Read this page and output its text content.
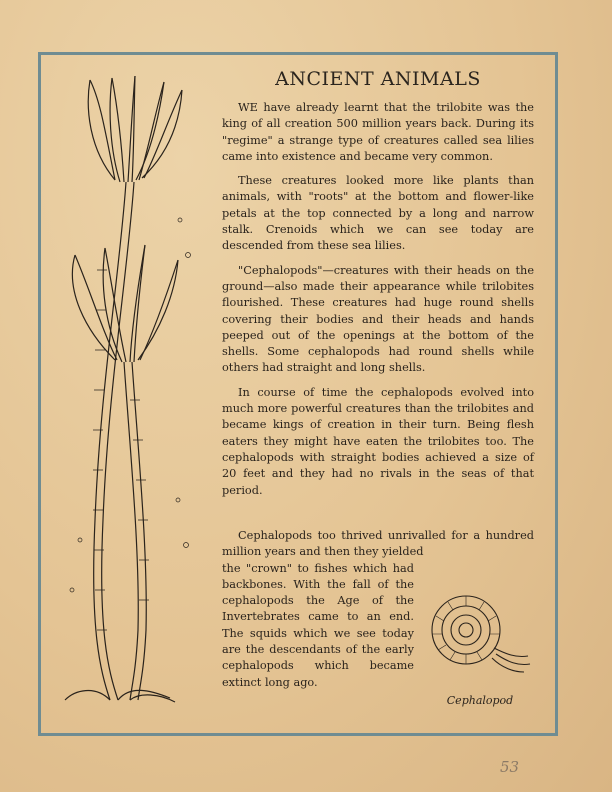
ANCIENT ANIMALS

WE have already learnt that the trilobite was the king of all creation 500 million years back. During its "regime" a strange type of creatures called sea lilies came into existence and became very common.

These creatures looked more like plants than animals, with "roots" at the bottom and flower-like petals at the top connected by a long and narrow stalk. Crenoids which we can see today are descended from these sea lilies.

"Cephalopods"—creatures with their heads on the ground—also made their appearance while trilobites flourished. These creatures had huge round shells covering their bodies and their heads and hands peeped out of the openings at the bottom of the shells. Some cephalopods had round shells while others had straight and long shells.

In course of time the cephalopods evolved into much more powerful creatures than the trilobites and became kings of creation in their turn. Being flesh eaters they might have eaten the trilobites too. The cephalopods with straight bodies achieved a size of 20 feet and they had no rivals in the seas of that period.

Cephalopods too thrived unrivalled for a hundred million years and then they yielded

the "crown" to fishes which had backbones. With the fall of the cephalopods the Age of the Invertebrates came to an end. The squids which we see today are the descendants of the early cephalopods which became extinct long ago.

Cephalopod
53
